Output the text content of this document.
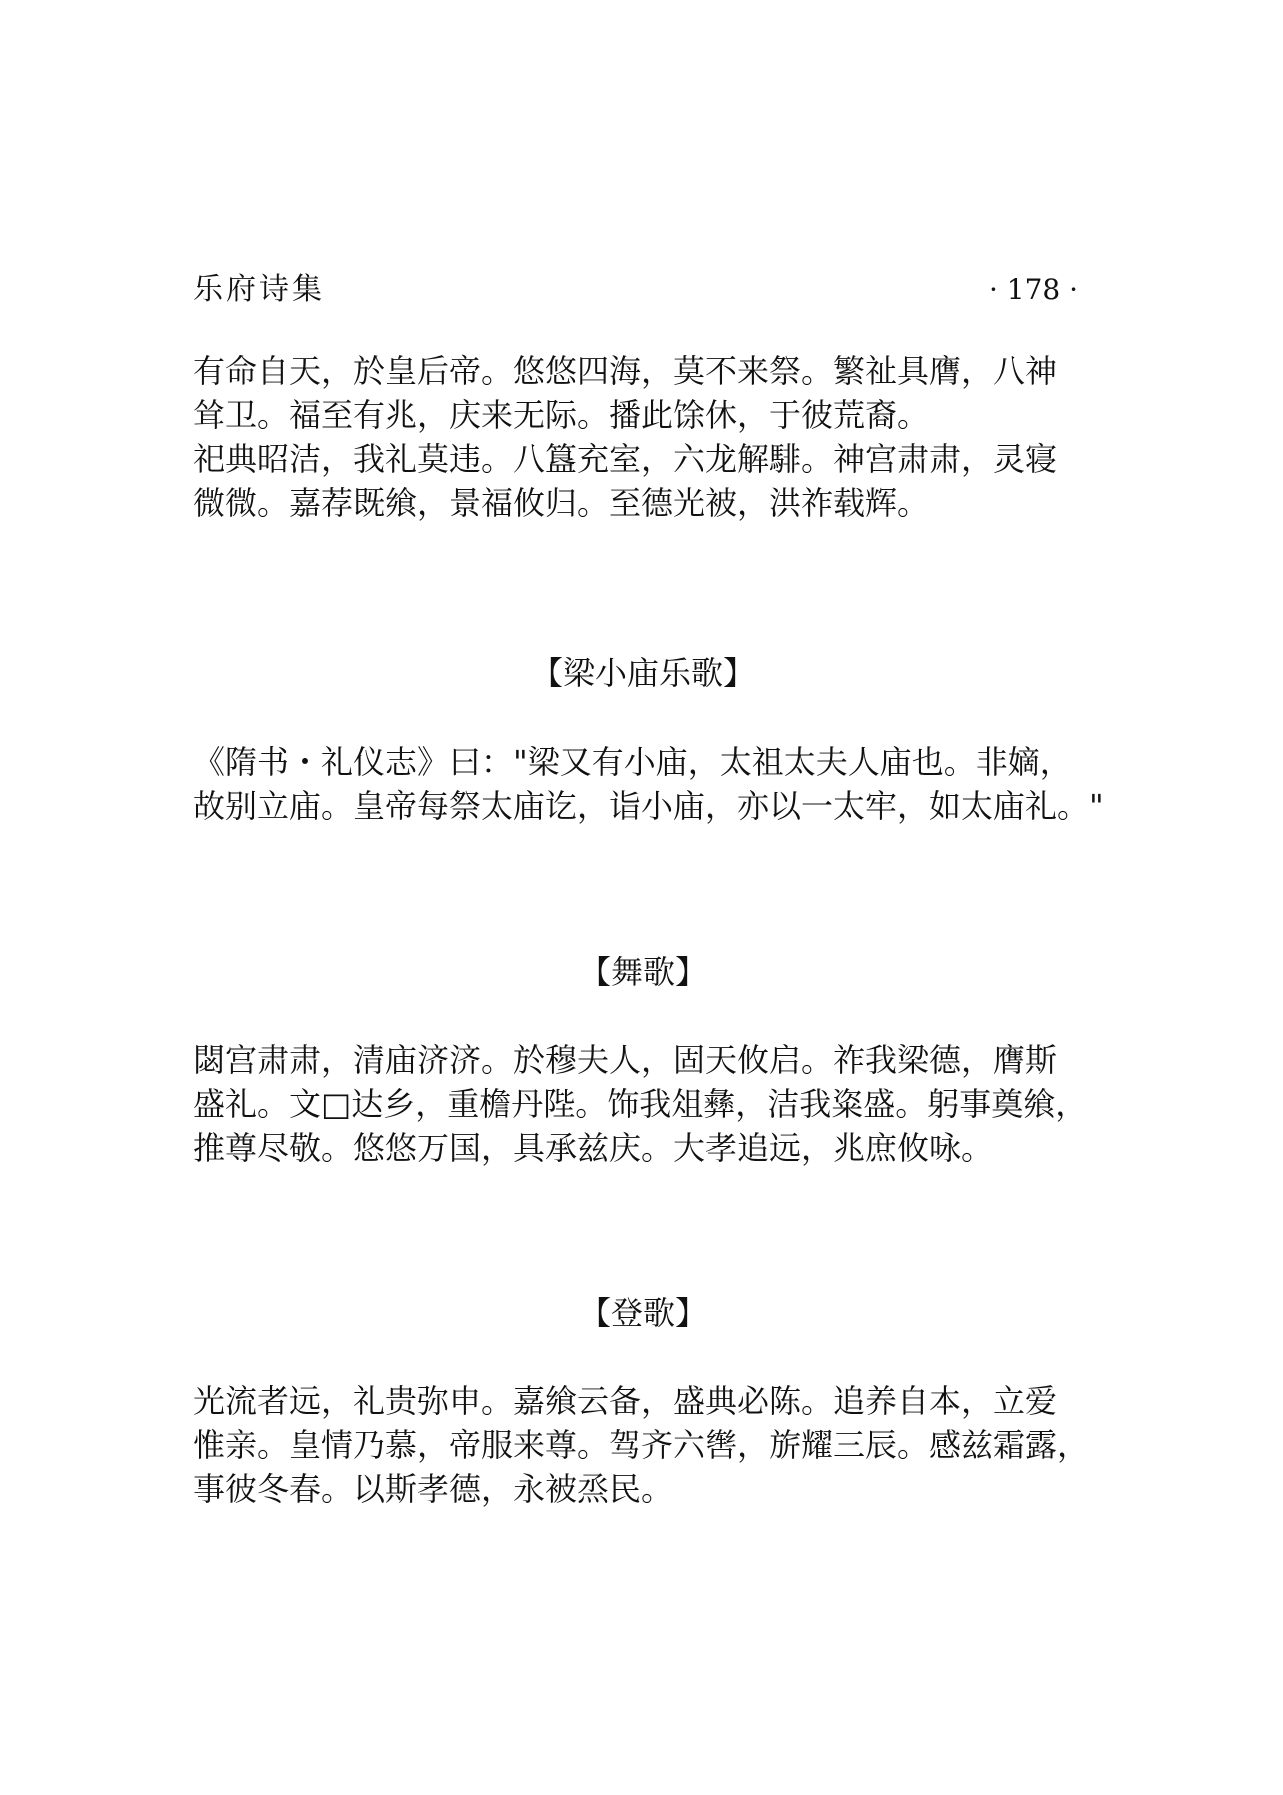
乐府诗集	· 178 ·
有命自天，於皇后帝。悠悠四海，莫不来祭。繁祉具膺，八神
耸卫。福至有兆，庆来无际。播此馀休，于彼荒裔。
祀典昭洁，我礼莫违。八簋充室，六龙解騑。神宫肃肃，灵寝
微微。嘉荐既飨，景福攸归。至德光被，洪祚载辉。
【梁小庙乐歌】
《隋书・礼仪志》曰："梁又有小庙，太祖太夫人庙也。非嫡，
故别立庙。皇帝每祭太庙讫，诣小庙，亦以一太牢，如太庙礼。"
【舞歌】
閟宫肃肃，清庙济济。於穆夫人，固天攸启。祚我梁德，膺斯
盛礼。文□达乡，重檐丹陛。饰我俎彝，洁我粢盛。躬事奠飨，
推尊尽敬。悠悠万国，具承兹庆。大孝追远，兆庶攸咏。
【登歌】
光流者远，礼贵弥申。嘉飨云备，盛典必陈。追养自本，立爱
惟亲。皇情乃慕，帝服来尊。驾齐六辔，旂耀三辰。感兹霜露，
事彼冬春。以斯孝德，永被烝民。
